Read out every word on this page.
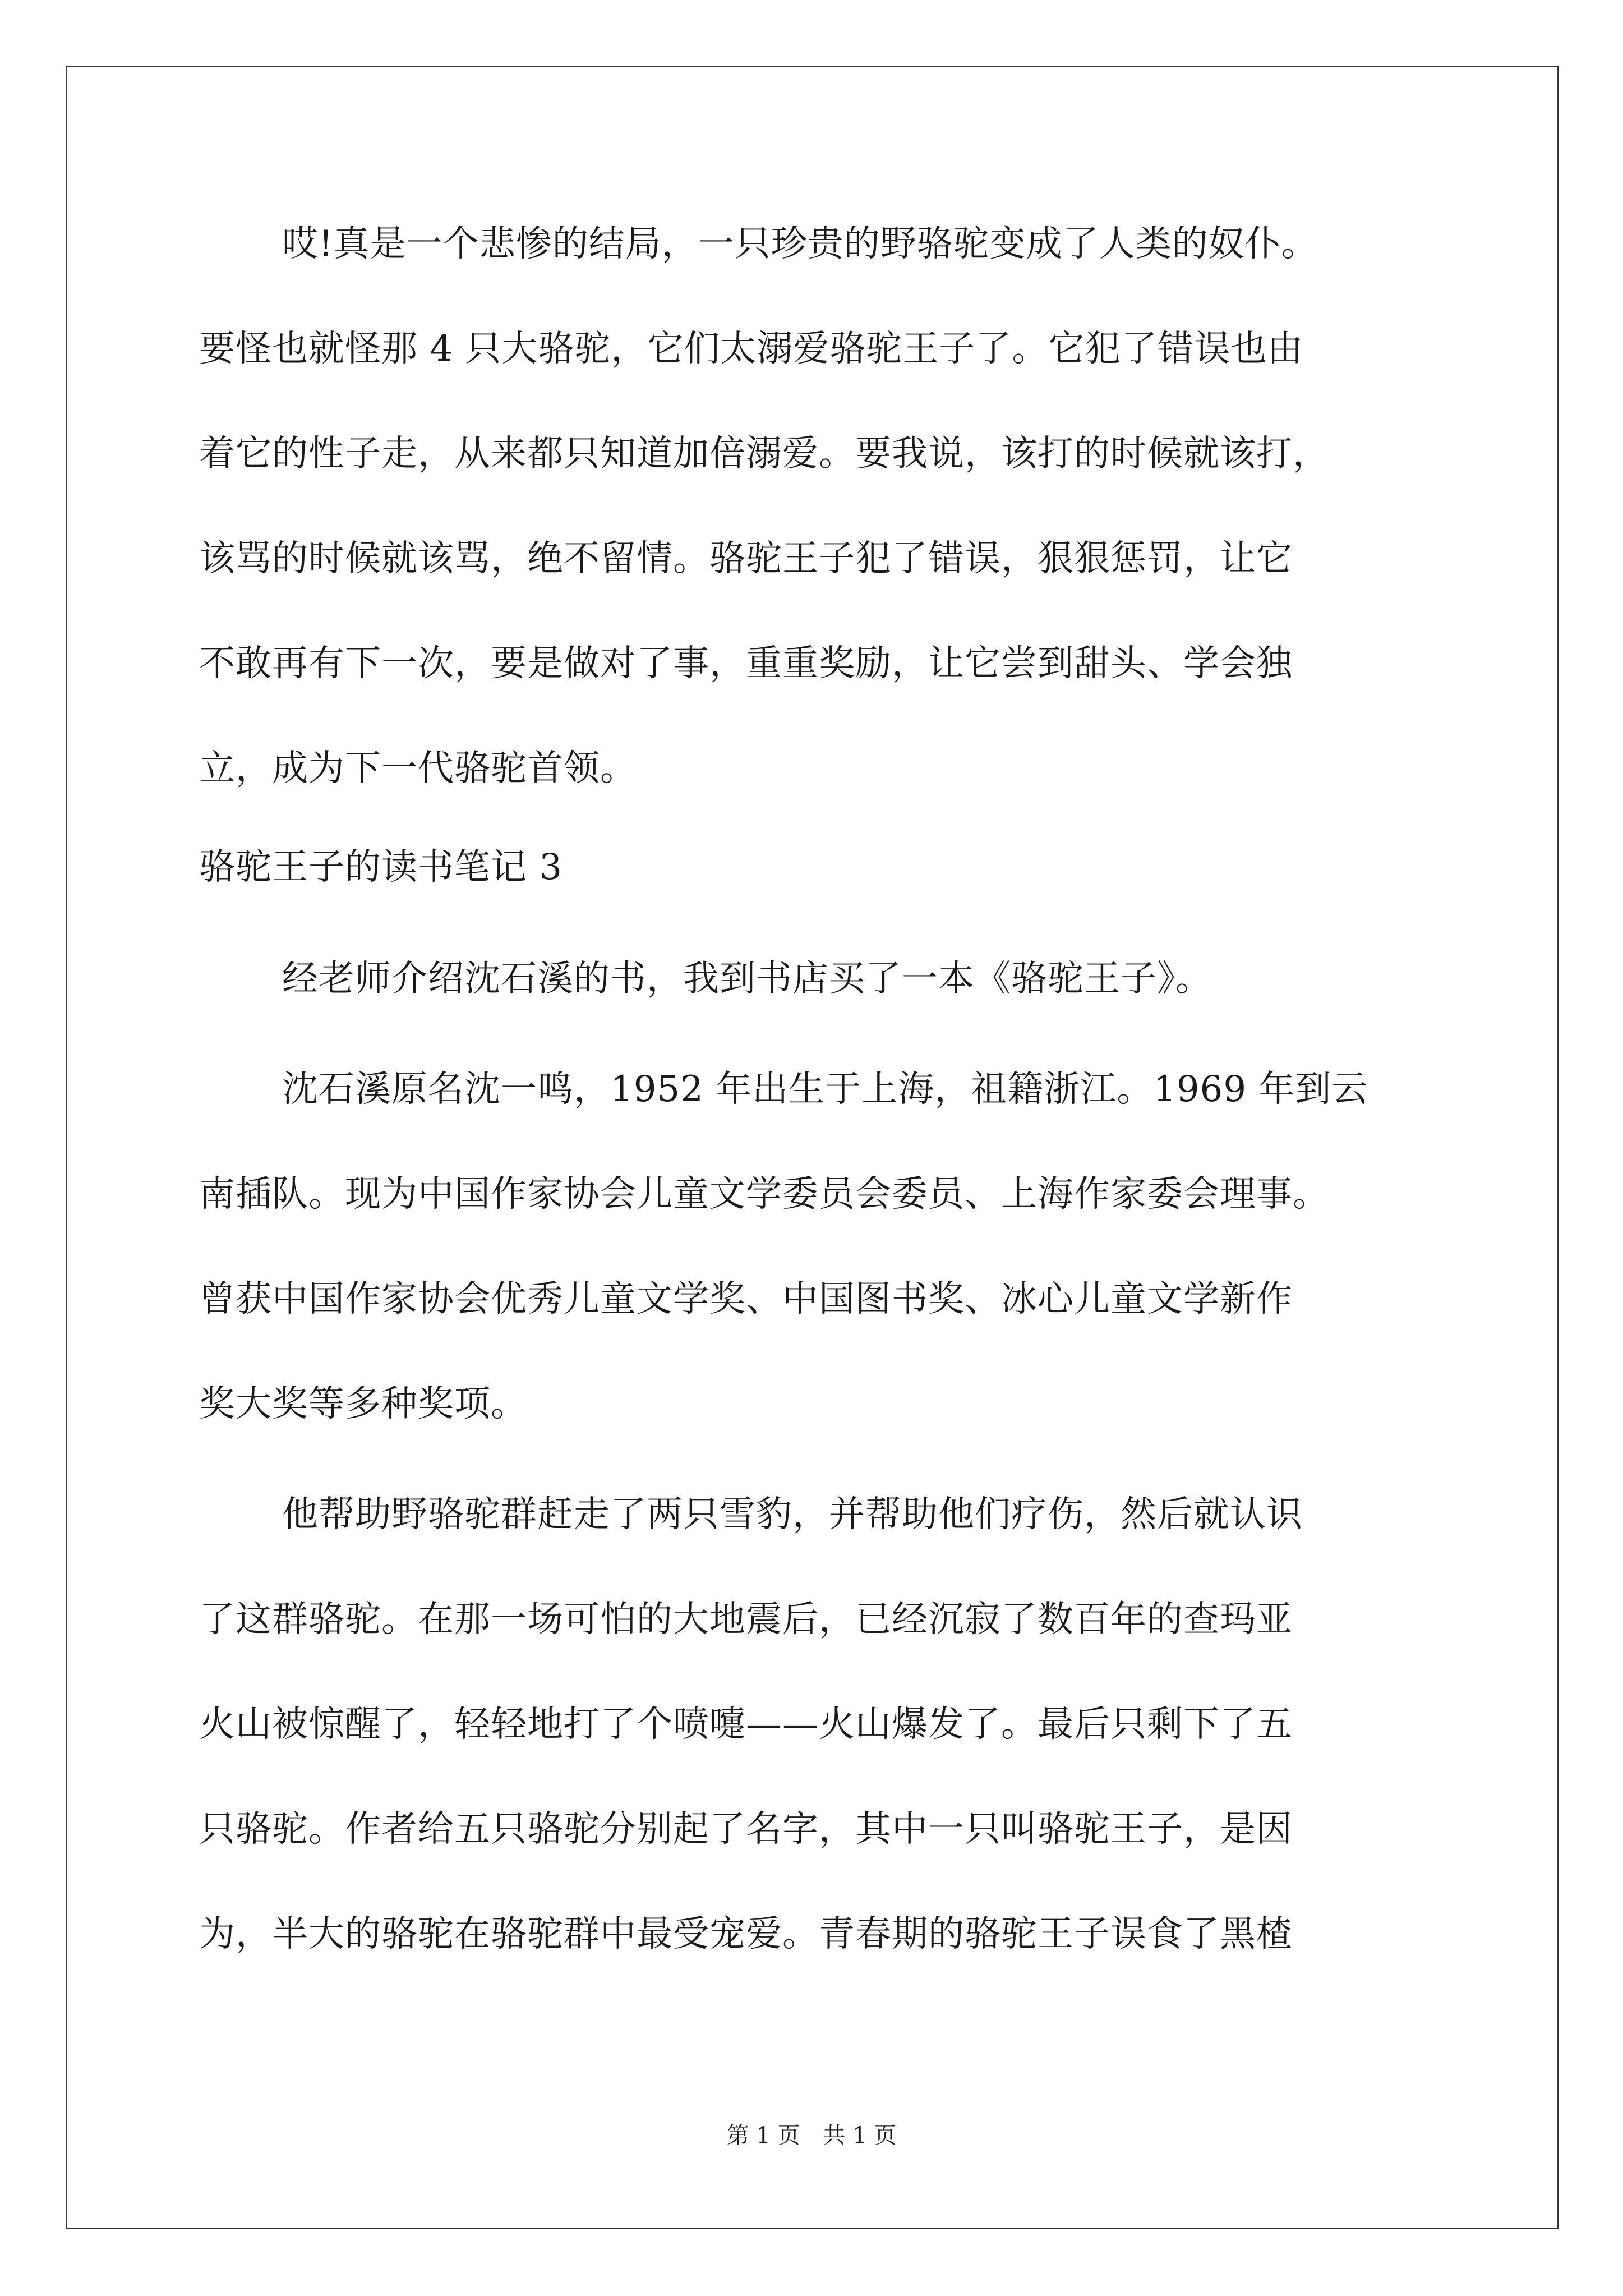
哎!真是一个悲惨的结局，一只珍贵的野骆驼变成了人类的奴仆。
要怪也就怪那 4 只大骆驼，它们太溺爱骆驼王子了。它犯了错误也由
着它的性子走，从来都只知道加倍溺爱。要我说，该打的时候就该打，
该骂的时候就该骂，绝不留情。骆驼王子犯了错误，狠狠惩罚，让它
不敢再有下一次，要是做对了事，重重奖励，让它尝到甜头、学会独
立，成为下一代骆驼首领。
骆驼王子的读书笔记 3
经老师介绍沈石溪的书，我到书店买了一本《骆驼王子》。
沈石溪原名沈一鸣，1952 年出生于上海，祖籍浙江。1969 年到云
南插队。现为中国作家协会儿童文学委员会委员、上海作家委会理事。
曾获中国作家协会优秀儿童文学奖、中国图书奖、冰心儿童文学新作
奖大奖等多种奖项。
他帮助野骆驼群赶走了两只雪豹，并帮助他们疗伤，然后就认识
了这群骆驼。在那一场可怕的大地震后，已经沉寂了数百年的查玛亚
火山被惊醒了，轻轻地打了个喷嚏——火山爆发了。最后只剩下了五
只骆驼。作者给五只骆驼分别起了名字，其中一只叫骆驼王子，是因
为，半大的骆驼在骆驼群中最受宠爱。青春期的骆驼王子误食了黑楂
第 1 页 共 1 页
